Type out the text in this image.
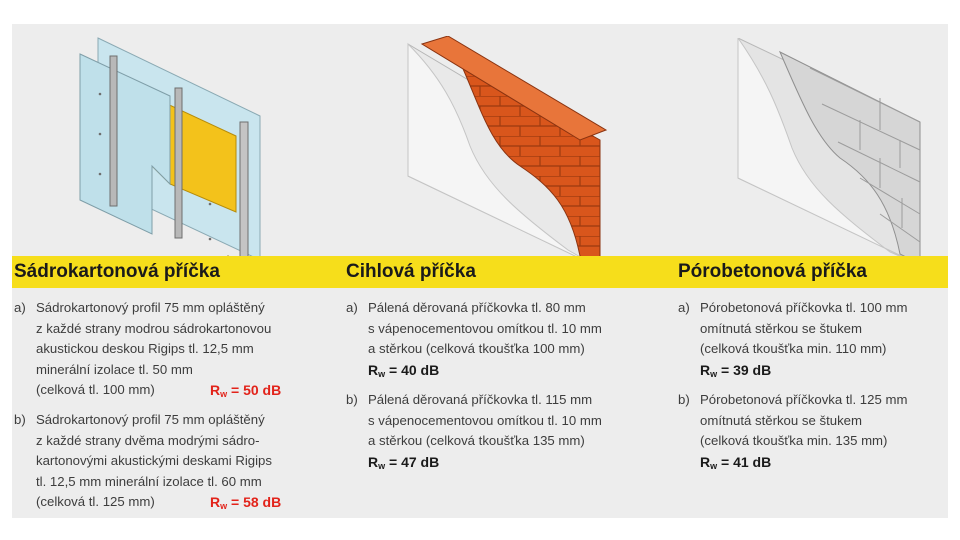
Sádrokartonová příčka
a) Sádrokartonový profil 75 mm opláštěný
z každé strany modrou sádrokartonovou
akustickou deskou Rigips tl. 12,5 mm
minerální izolace tl. 50 mm
(celková tl. 100 mm)	$R_w = 50$ dB
b) Sádrokartonový profil 75 mm opláštěný
z každé strany dvěma modrými sádro-
kartonovými akustickými deskami Rigips
tl. 12,5 mm minerální izolace tl. 60 mm
(celková tl. 125 mm)	$R_w = 58$ dB
Cihlová příčka
a) Pálená děrovaná příčkovka tl. 80 mm
s vápenocementovou omítkou tl. 10 mm
a stěrkou (celková tkoušťka 100 mm)
$R_w = 40$ dB
b) Pálená děrovaná příčkovka tl. 115 mm
s vápenocementovou omítkou tl. 10 mm
a stěrkou (celková tkoušťka 135 mm)
$R_w = 47$ dB
Pórobetonová příčka
a) Pórobetonová příčkovka tl. 100 mm
omítnutá stěrkou se štukem
(celková tkoušťka min. 110 mm)
$R_w = 39$ dB
b) Pórobetonová příčkovka tl. 125 mm
omítnutá stěrkou se štukem
(celková tkoušťka min. 135 mm)
$R_w = 41$ dB
